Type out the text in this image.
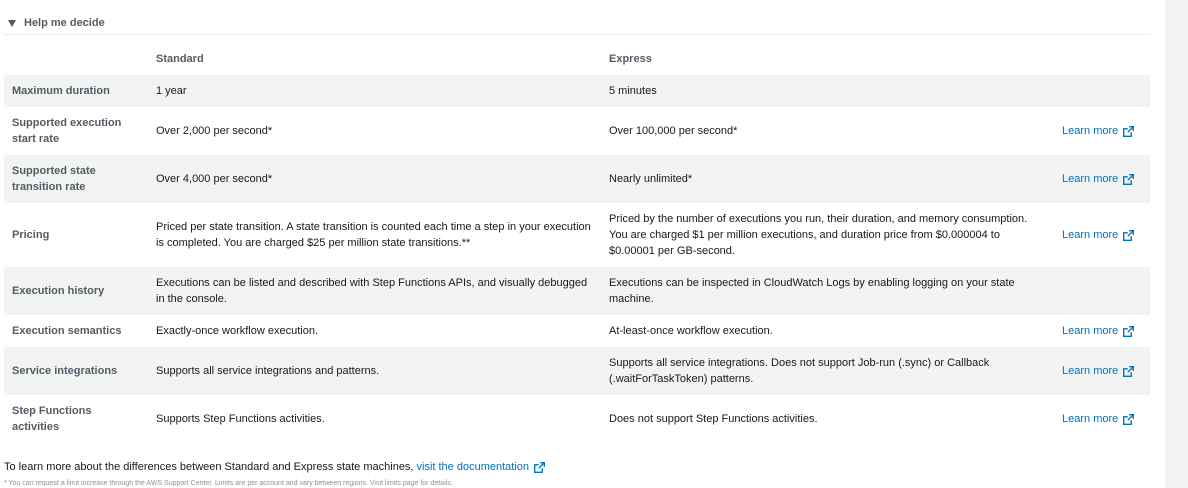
Help me decide
	Standard	Express	
Maximum duration	1 year	5 minutes	
Supported execution start rate	Over 2,000 per second*	Over 100,000 per second*	Learn more

Supported state transition rate	Over 4,000 per second*	Nearly unlimited*	Learn more

Pricing	Priced per state transition. A state transition is counted each time a step in your execution is completed. You are charged $25 per million state transitions.**	Priced by the number of executions you run, their duration, and memory consumption. You are charged $1 per million executions, and duration price from $0.000004 to $0.00001 per GB-second.	Learn more

Execution history	Executions can be listed and described with Step Functions APIs, and visually debugged in the console.	Executions can be inspected in CloudWatch Logs by enabling logging on your state machine.	
Execution semantics	Exactly-once workflow execution.	At-least-once workflow execution.	Learn more

Service integrations	Supports all service integrations and patterns.	Supports all service integrations. Does not support Job-run (.sync) or Callback (.waitForTaskToken) patterns.	Learn more

Step Functions activities	Supports Step Functions activities.	Does not support Step Functions activities.	Learn more
To learn more about the differences between Standard and Express state machines, visit the documentation
* You can request a limit increase through the AWS Support Center. Limits are per account and vary between regions. Visit limits page for details.
